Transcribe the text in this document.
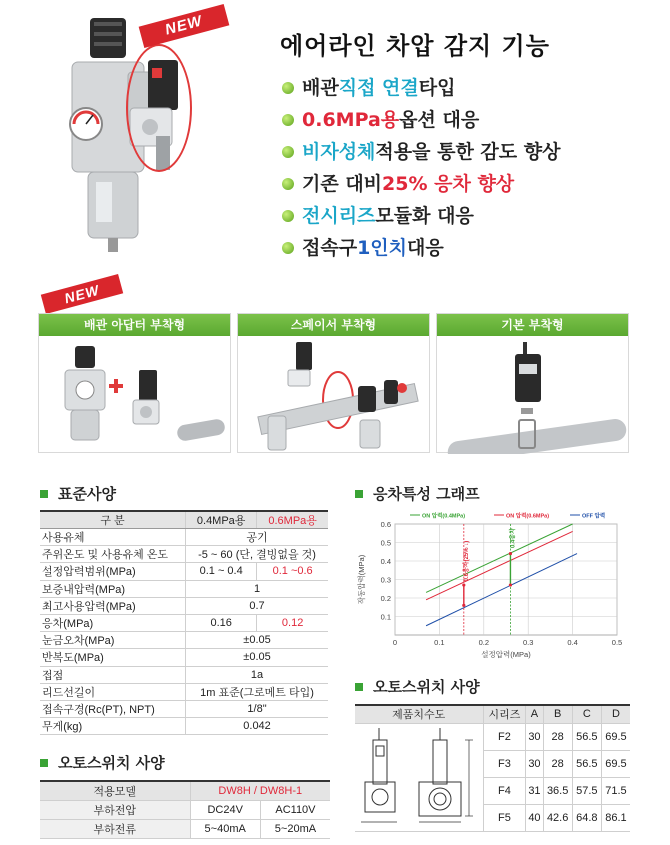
NEW
에어라인 차압 감지 기능
배관 직접 연결 타입
0.6MPa용 옵션 대응
비자성체 적용을 통한 감도 향상
기존 대비 25% 응차 향상
전시리즈 모듈화 대응
접속구 1인치 대응
NEW
배관 아답터 부착형	스페이서 부착형	기본 부착형
표준사양
구 분	0.4MPa용	0.6MPa용
사용유체	공기	
주위온도 및 사용유체 온도	-5 ~ 60 (단, 결빙없을 것)	
설정압력범위(MPa)	0.1 ~ 0.4	0.1 ~0.6
보증내압력(MPa)	1	
최고사용압력(MPa)	0.7	
응차(MPa)	0.16	0.12
눈금오차(MPa)	±0.05	
반복도(MPa)	±0.05	
접점	1a	
리드선길이	1m 표준(그로메트 타입)	
접속구경(Rc(PT), NPT)	1/8"	
무게(kg)	0.042	
오토스위치 사양
적용모델	DW8H / DW8H-1	
부하전압	DC24V	AC110V
부하전류	5~40mA	5~20mA
응차특성 그래프
0.1
0.2
0.3
0.4
0.5
0.6
0	0.1	0.2	0.3	0.4	0.5
설정압력(MPa)
작동압력(MPa)
ON 압력(0.4MPa)	ON 압력(0.6MPa)	OFF 압력
0.4응차
0.6응차(25% ↓)
오토스위치 사양
제품치수도	시리즈	A	B	C	D
	F2	30	28	56.5	69.5
	F3	30	28	56.5	69.5
	F4	31	36.5	57.5	71.5
	F5	40	42.6	64.8	86.1
